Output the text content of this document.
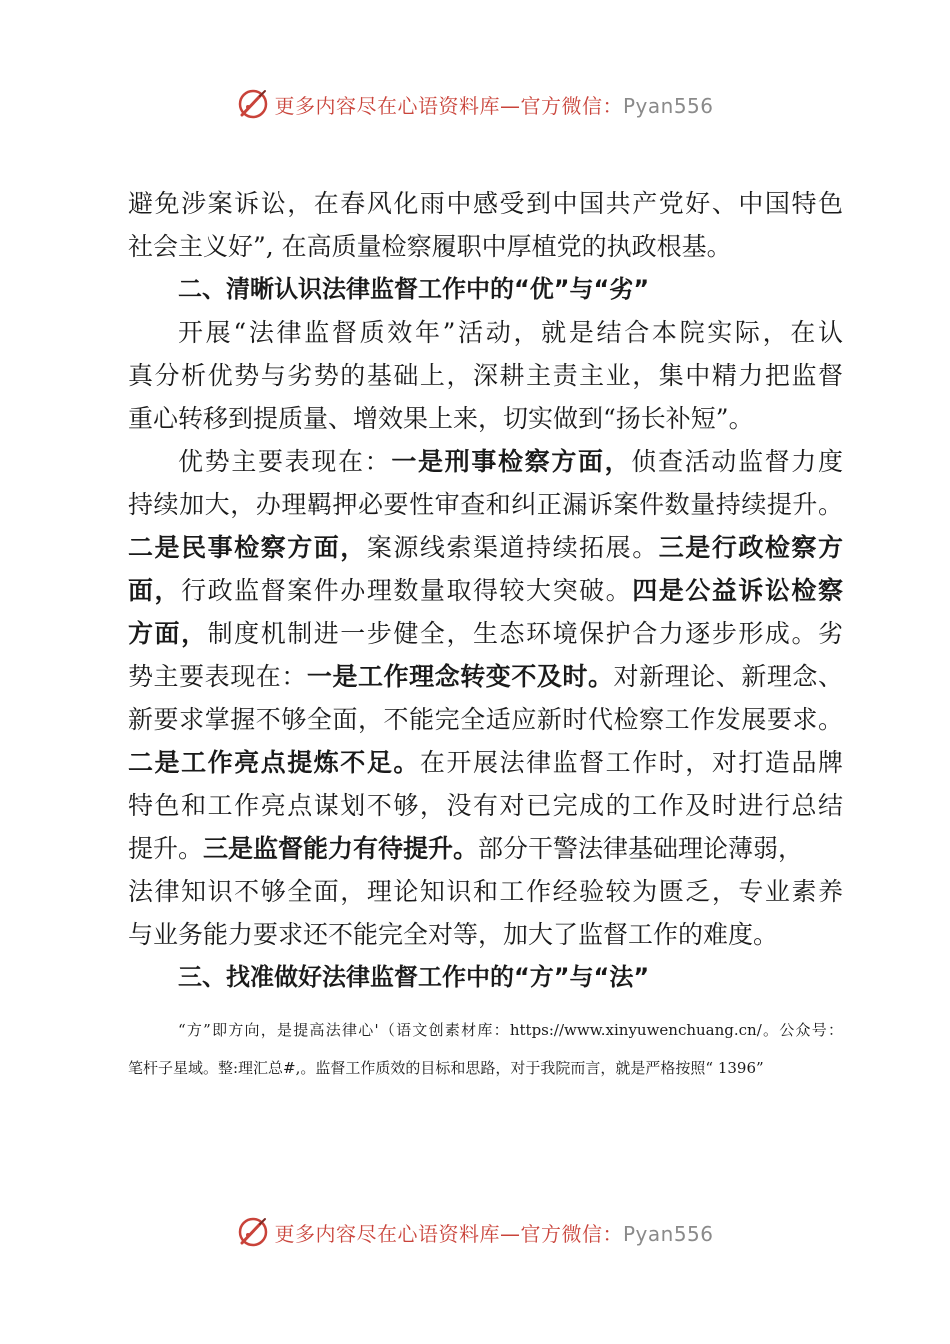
更多内容尽在心语资料库—官方微信：Pyan556
避免涉案诉讼，在春风化雨中感受到中国共产党好、中国特色
社会主义好”, 在高质量检察履职中厚植党的执政根基。
二、清晰认识法律监督工作中的“优”与“劣”
开展“法律监督质效年”活动，就是结合本院实际，在认
真分析优势与劣势的基础上，深耕主责主业，集中精力把监督
重心转移到提质量、增效果上来，切实做到“扬长补短”。
优势主要表现在：一是刑事检察方面，侦查活动监督力度
持续加大，办理羁押必要性审查和纠正漏诉案件数量持续提升。
二是民事检察方面，案源线索渠道持续拓展。三是行政检察方
面，行政监督案件办理数量取得较大突破。四是公益诉讼检察
方面，制度机制进一步健全，生态环境保护合力逐步形成。劣
势主要表现在：一是工作理念转变不及时。对新理论、新理念、
新要求掌握不够全面，不能完全适应新时代检察工作发展要求。
二是工作亮点提炼不足。在开展法律监督工作时，对打造品牌
特色和工作亮点谋划不够，没有对已完成的工作及时进行总结
提升。三是监督能力有待提升。部分干警法律基础理论薄弱，
法律知识不够全面，理论知识和工作经验较为匮乏，专业素养
与业务能力要求还不能完全对等，加大了监督工作的难度。
三、找准做好法律监督工作中的“方”与“法”
“方”即方向，是提高法律心'（语文创素材库：https://www.xinyuwenchuang.cn/。公众号：
笔杆子星域。整:理汇总#,。监督工作质效的目标和思路，对于我院而言，就是严格按照“ 1396”
更多内容尽在心语资料库—官方微信：Pyan556
